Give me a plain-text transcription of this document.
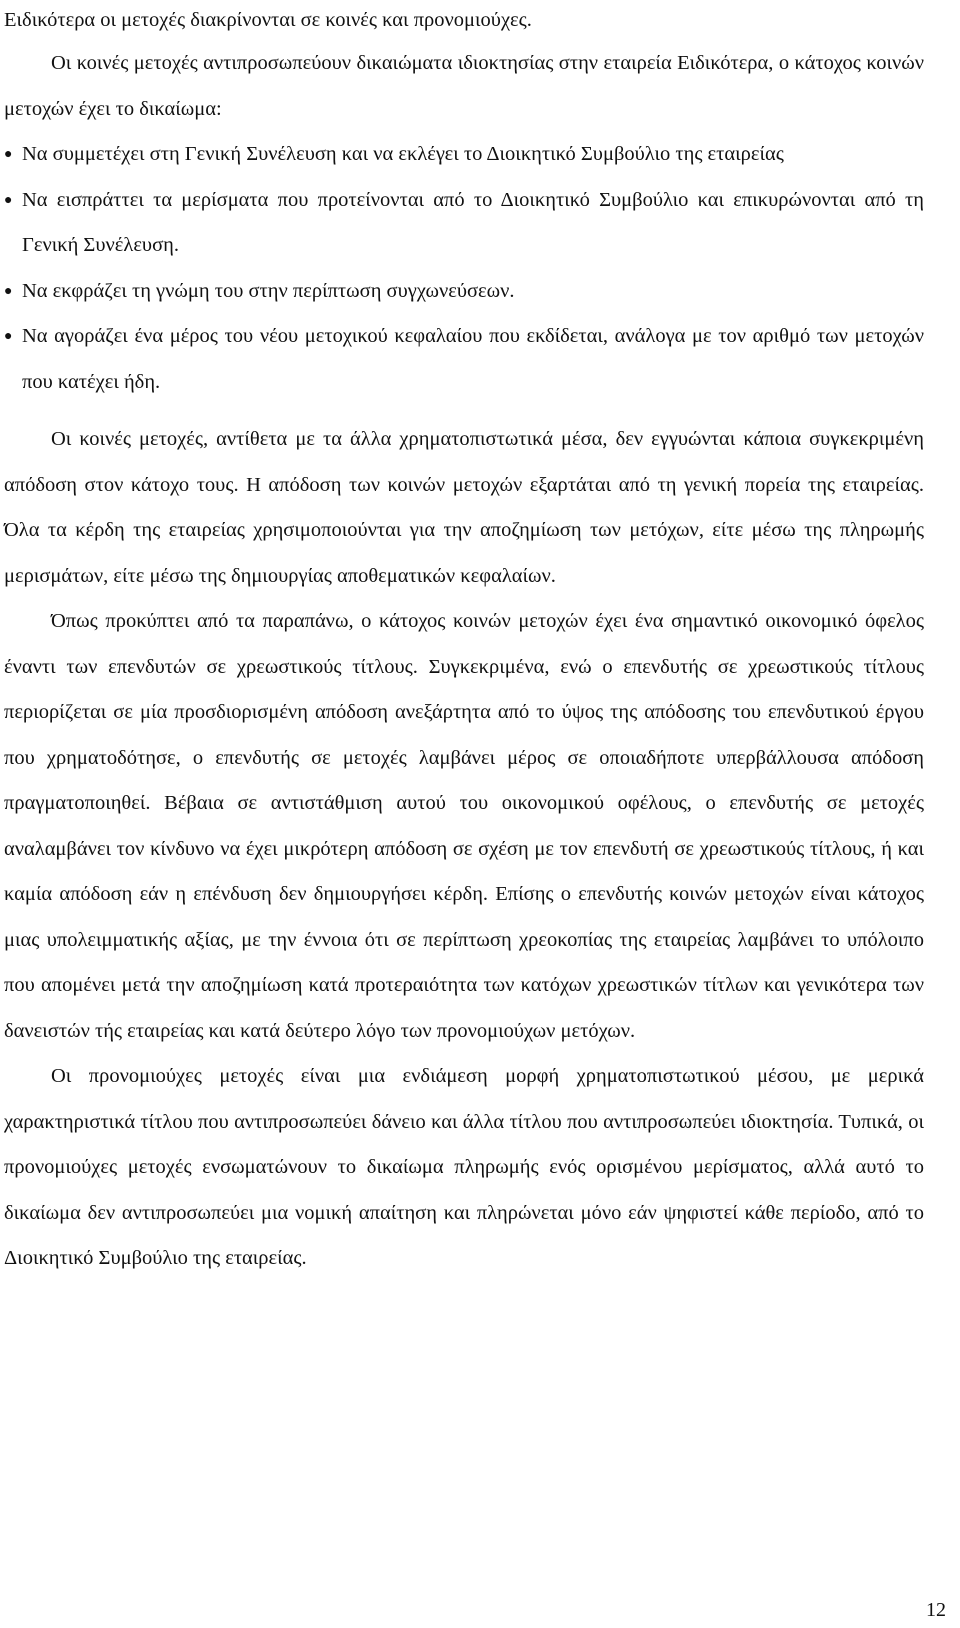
Ειδικότερα οι μετοχές διακρίνονται σε κοινές και προνομιούχες.

Οι κοινές μετοχές αντιπροσωπεύουν δικαιώματα ιδιοκτησίας στην εταιρεία Ειδικότερα, ο κάτοχος κοινών μετοχών έχει το δικαίωμα:

● Να συμμετέχει στη Γενική Συνέλευση και να εκλέγει το Διοικητικό Συμβούλιο της εταιρείας
● Να εισπράττει τα μερίσματα που προτείνονται από το Διοικητικό Συμβούλιο και επικυρώνονται από τη Γενική Συνέλευση.
● Να εκφράζει τη γνώμη του στην περίπτωση συγχωνεύσεων.
● Να αγοράζει ένα μέρος του νέου μετοχικού κεφαλαίου που εκδίδεται, ανάλογα με τον αριθμό των μετοχών που κατέχει ήδη.

Οι κοινές μετοχές, αντίθετα με τα άλλα χρηματοπιστωτικά μέσα, δεν εγγυώνται κάποια συγκεκριμένη απόδοση στον κάτοχο τους. Η απόδοση των κοινών μετοχών εξαρτάται από τη γενική πορεία της εταιρείας. Όλα τα κέρδη της εταιρείας χρησιμοποιούνται για την αποζημίωση των μετόχων, είτε μέσω της πληρωμής μερισμάτων, είτε μέσω της δημιουργίας αποθεματικών κεφαλαίων.

Όπως προκύπτει από τα παραπάνω, ο κάτοχος κοινών μετοχών έχει ένα σημαντικό οικονομικό όφελος έναντι των επενδυτών σε χρεωστικούς τίτλους. Συγκεκριμένα, ενώ ο επενδυτής σε χρεωστικούς τίτλους περιορίζεται σε μία προσδιορισμένη απόδοση ανεξάρτητα από το ύψος της απόδοσης του επενδυτικού έργου που χρηματοδότησε, ο επενδυτής σε μετοχές λαμβάνει μέρος σε οποιαδήποτε υπερβάλλουσα απόδοση πραγματοποιηθεί. Βέβαια σε αντιστάθμιση αυτού του οικονομικού οφέλους, ο επενδυτής σε μετοχές αναλαμβάνει τον κίνδυνο να έχει μικρότερη απόδοση σε σχέση με τον επενδυτή σε χρεωστικούς τίτλους, ή και καμία απόδοση εάν η επένδυση δεν δημιουργήσει κέρδη. Επίσης ο επενδυτής κοινών μετοχών είναι κάτοχος μιας υπολειμματικής αξίας, με την έννοια ότι σε περίπτωση χρεοκοπίας της εταιρείας λαμβάνει το υπόλοιπο που απομένει μετά την αποζημίωση κατά προτεραιότητα των κατόχων χρεωστικών τίτλων και γενικότερα των δανειστών τής εταιρείας και κατά δεύτερο λόγο των προνομιούχων μετόχων.

Οι προνομιούχες μετοχές είναι μια ενδιάμεση μορφή χρηματοπιστωτικού μέσου, με μερικά χαρακτηριστικά τίτλου που αντιπροσωπεύει δάνειο και άλλα τίτλου που αντιπροσωπεύει ιδιοκτησία. Τυπικά, οι προνομιούχες μετοχές ενσωματώνουν το δικαίωμα πληρωμής ενός ορισμένου μερίσματος, αλλά αυτό το δικαίωμα δεν αντιπροσωπεύει μια νομική απαίτηση και πληρώνεται μόνο εάν ψηφιστεί κάθε περίοδο, από το Διοικητικό Συμβούλιο της εταιρείας.

12
